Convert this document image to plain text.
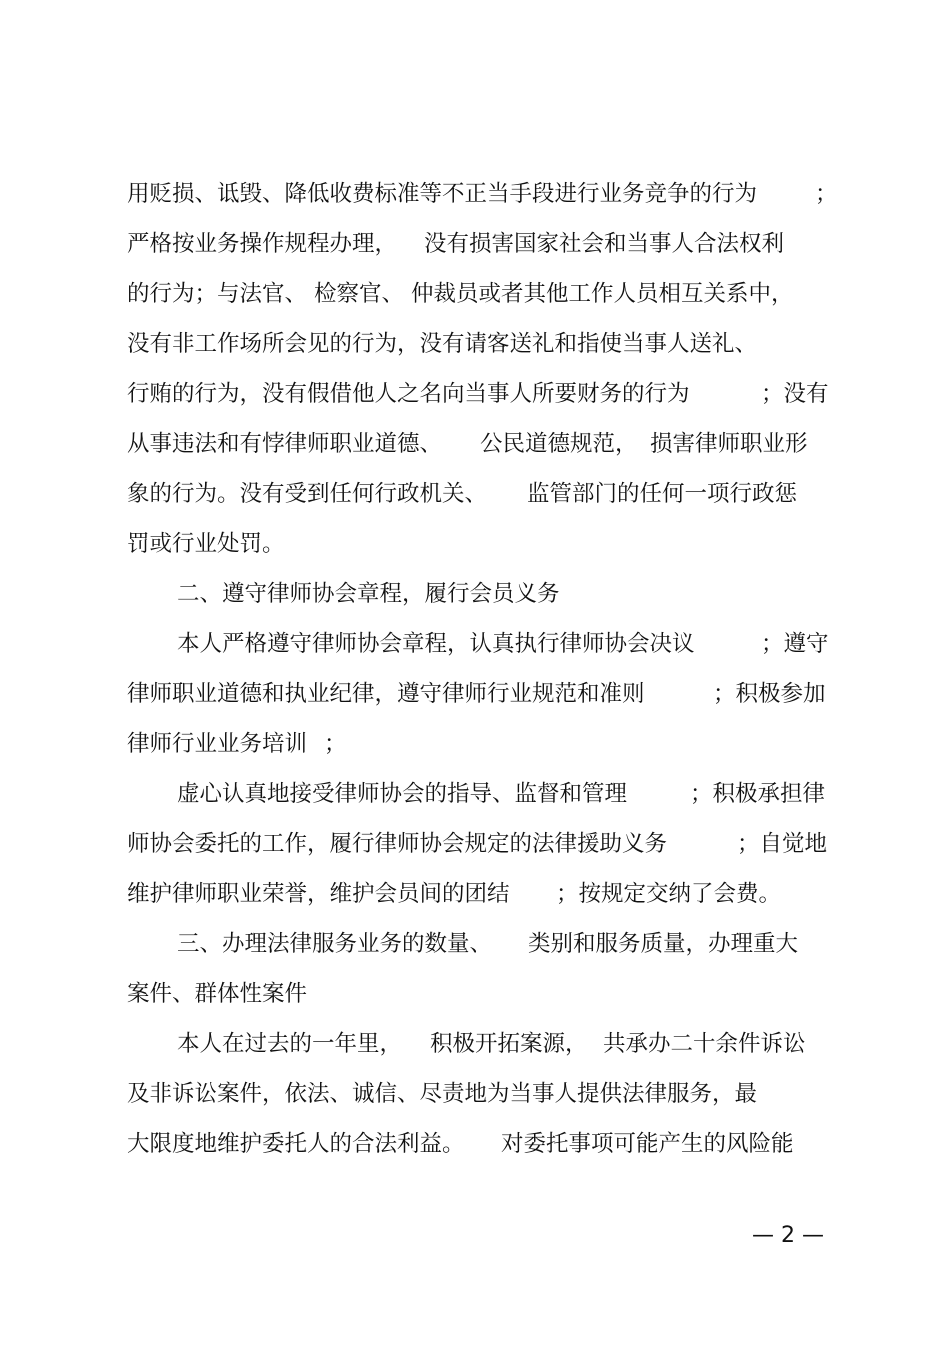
用贬损、诋毁、降低收费标准等不正当手段进行业务竞争的行为	；
严格按业务操作规程办理， 没有损害国家社会和当事人合法权利
的行为；与法官、 检察官、 仲裁员或者其他工作人员相互关系中，
没有非工作场所会见的行为，没有请客送礼和指使当事人送礼、
行贿的行为，没有假借他人之名向当事人所要财务的行为	；没有
从事违法和有悖律师职业道德、 公民道德规范， 损害律师职业形
象的行为。没有受到任何行政机关、 监管部门的任何一项行政惩
罚或行业处罚。
二、遵守律师协会章程，履行会员义务
本人严格遵守律师协会章程，认真执行律师协会决议	；遵守
律师职业道德和执业纪律，遵守律师行业规范和准则	；积极参加
律师行业业务培训 ；
虚心认真地接受律师协会的指导、监督和管理	；积极承担律
师协会委托的工作，履行律师协会规定的法律援助义务	；自觉地
维护律师职业荣誉，维护会员间的团结 ；按规定交纳了会费。
三、办理法律服务业务的数量、 类别和服务质量，办理重大
案件、群体性案件
本人在过去的一年里， 积极开拓案源， 共承办二十余件诉讼
及非诉讼案件，依法、诚信、尽责地为当事人提供法律服务，最
大限度地维护委托人的合法利益。 对委托事项可能产生的风险能
— 2 —
